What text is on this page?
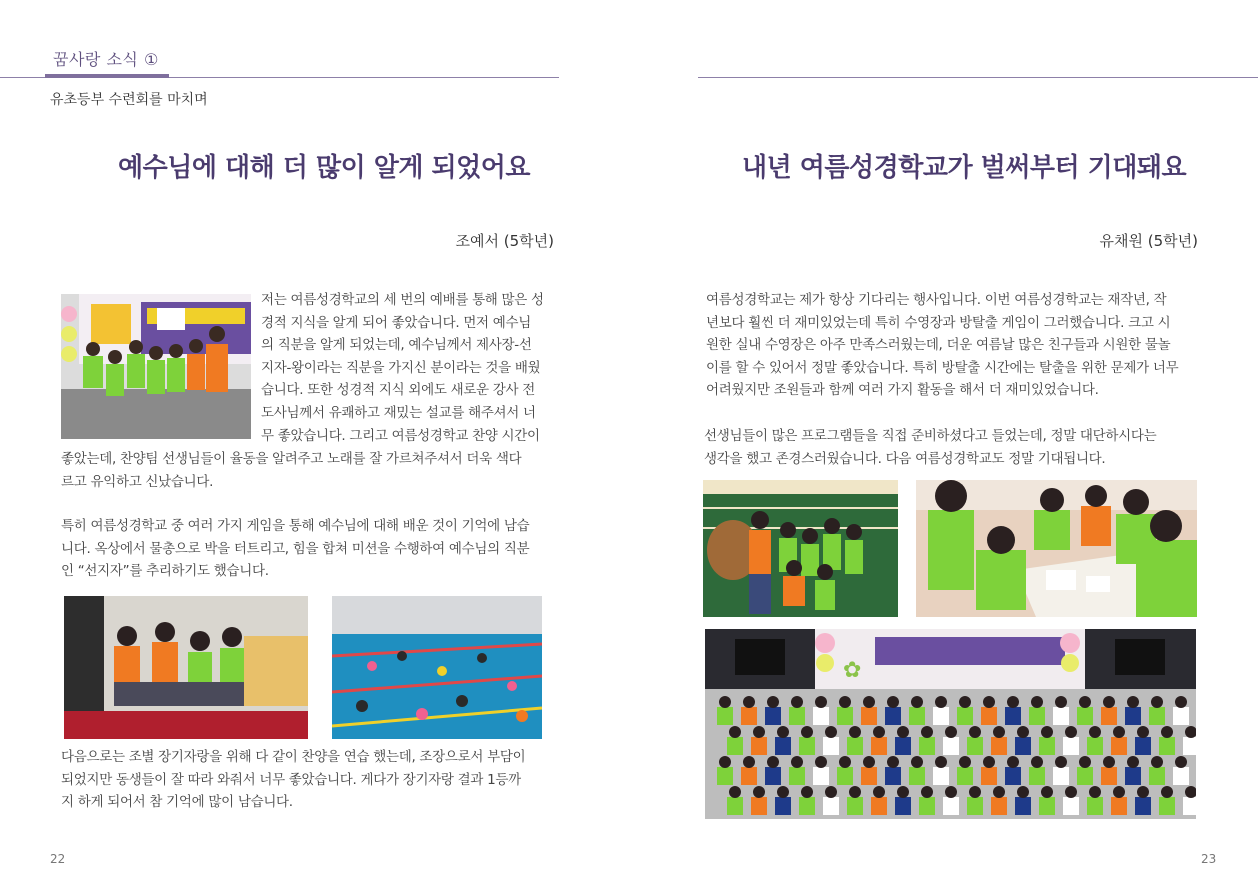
꿈사랑 소식 ①
유초등부 수련회를 마치며
예수님에 대해 더 많이 알게 되었어요
조예서 (5학년)
저는 여름성경학교의 세 번의 예배를 통해 많은 성
경적 지식을 알게 되어 좋았습니다. 먼저 예수님
의 직분을 알게 되었는데, 예수님께서 제사장-선
지자-왕이라는 직분을 가지신 분이라는 것을 배웠
습니다. 또한 성경적 지식 외에도 새로운 강사 전
도사님께서 유쾌하고 재밌는 설교를 해주셔서 너
무 좋았습니다. 그리고 여름성경학교 찬양 시간이
좋았는데, 찬양팀 선생님들이 율동을 알려주고 노래를 잘 가르쳐주셔서 더욱 색다
르고 유익하고 신났습니다.
특히 여름성경학교 중 여러 가지 게임을 통해 예수님에 대해 배운 것이 기억에 남습
니다. 옥상에서 물총으로 박을 터트리고, 힘을 합쳐 미션을 수행하여 예수님의 직분
인 “선지자”를 추리하기도 했습니다.
다음으로는 조별 장기자랑을 위해 다 같이 찬양을 연습 했는데, 조장으로서 부담이
되었지만 동생들이 잘 따라 와줘서 너무 좋았습니다. 게다가 장기자랑 결과 1등까
지 하게 되어서 참 기억에 많이 남습니다.
22
내년 여름성경학교가 벌써부터 기대돼요
유채원 (5학년)
여름성경학교는 제가 항상 기다리는 행사입니다. 이번 여름성경학교는 재작년, 작
년보다 훨씬 더 재미있었는데 특히 수영장과 방탈출 게임이 그러했습니다. 크고 시
원한 실내 수영장은 아주 만족스러웠는데, 더운 여름날 많은 친구들과 시원한 물놀
이를 할 수 있어서 정말 좋았습니다. 특히 방탈출 시간에는 탈출을 위한 문제가 너무
어려웠지만 조원들과 함께 여러 가지 활동을 해서 더 재미있었습니다.
선생님들이 많은 프로그램들을 직접 준비하셨다고 들었는데, 정말 대단하시다는
생각을 했고 존경스러웠습니다. 다음 여름성경학교도 정말 기대됩니다.
✿
23
